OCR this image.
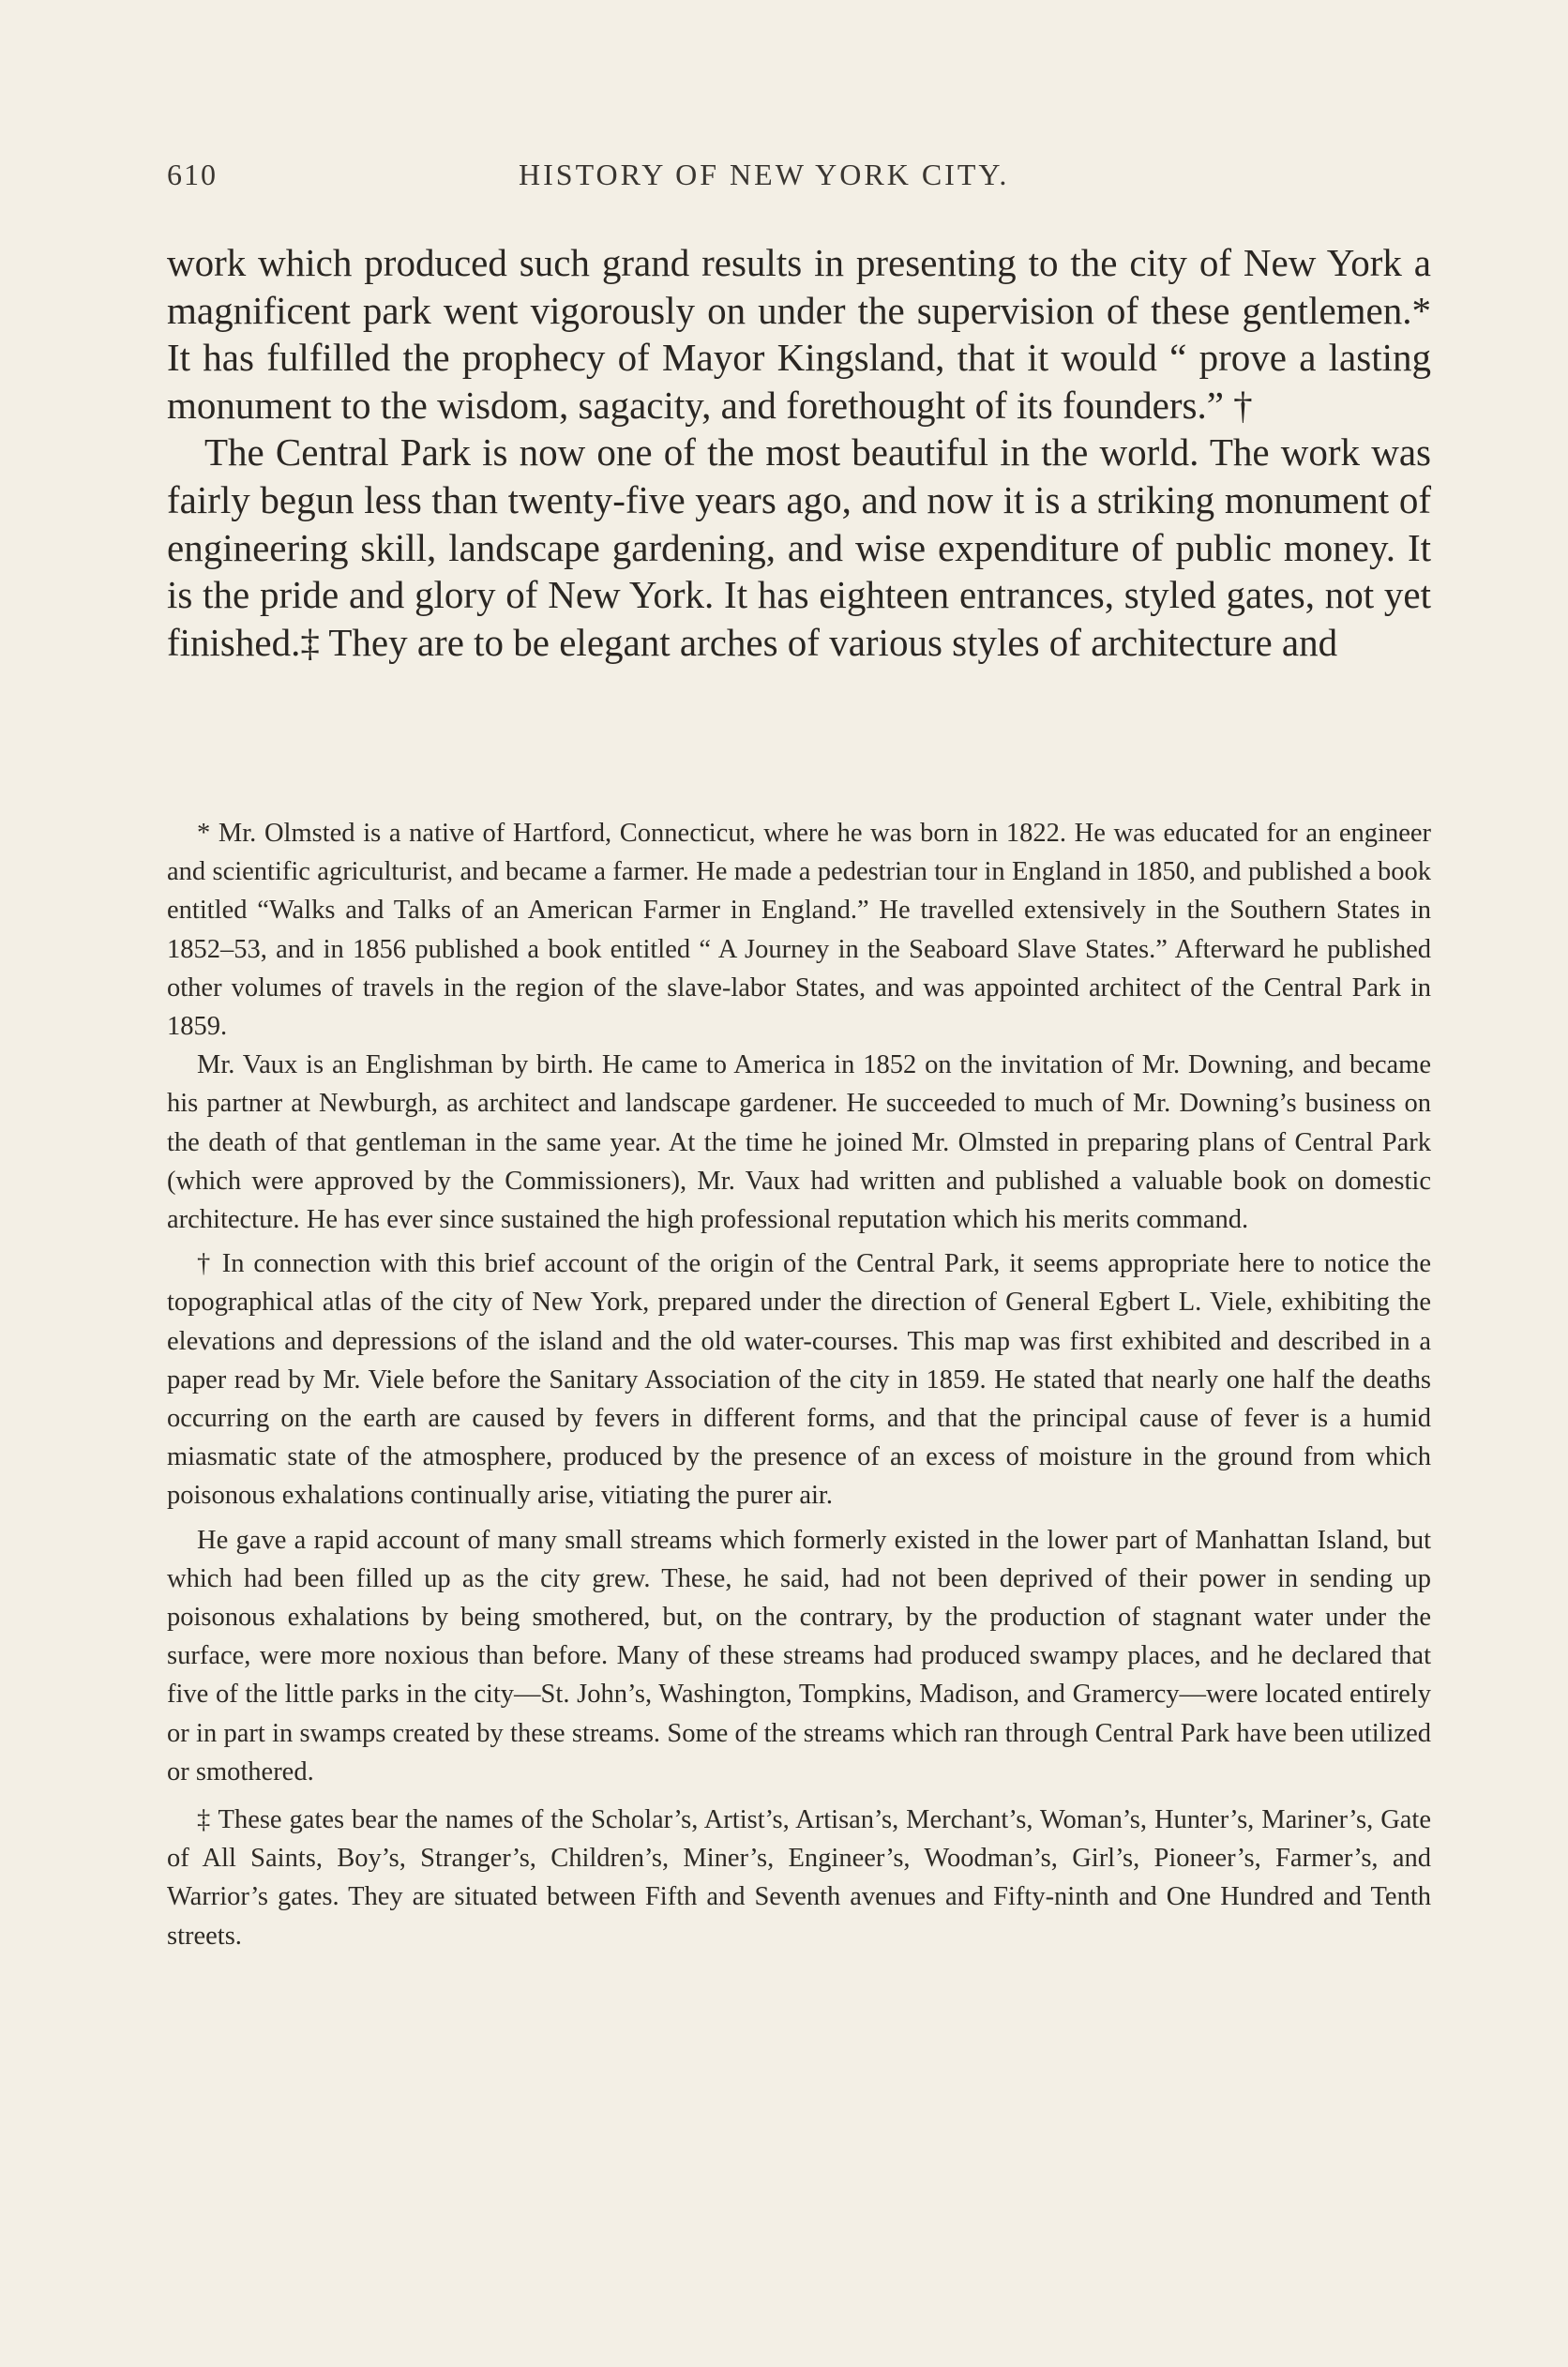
610	HISTORY OF NEW YORK CITY.

work which produced such grand results in presenting to the city of New York a magnificent park went vigorously on under the supervision of these gentlemen.* It has fulfilled the prophecy of Mayor Kingsland, that it would “ prove a lasting monument to the wisdom, sagacity, and forethought of its founders.” †

The Central Park is now one of the most beautiful in the world. The work was fairly begun less than twenty-five years ago, and now it is a striking monument of engineering skill, landscape gardening, and wise expenditure of public money. It is the pride and glory of New York. It has eighteen entrances, styled gates, not yet finished.‡ They are to be elegant arches of various styles of architecture and

* Mr. Olmsted is a native of Hartford, Connecticut, where he was born in 1822. He was educated for an engineer and scientific agriculturist, and became a farmer. He made a pedestrian tour in England in 1850, and published a book entitled “Walks and Talks of an American Farmer in England.” He travelled extensively in the Southern States in 1852–53, and in 1856 published a book entitled “ A Journey in the Seaboard Slave States.” Afterward he published other volumes of travels in the region of the slave-labor States, and was appointed architect of the Central Park in 1859.

Mr. Vaux is an Englishman by birth. He came to America in 1852 on the invitation of Mr. Downing, and became his partner at Newburgh, as architect and landscape gardener. He succeeded to much of Mr. Downing’s business on the death of that gentleman in the same year. At the time he joined Mr. Olmsted in preparing plans of Central Park (which were approved by the Commissioners), Mr. Vaux had written and published a valuable book on domestic architecture. He has ever since sustained the high professional reputation which his merits command.

† In connection with this brief account of the origin of the Central Park, it seems appropriate here to notice the topographical atlas of the city of New York, prepared under the direction of General Egbert L. Viele, exhibiting the elevations and depressions of the island and the old water-courses. This map was first exhibited and described in a paper read by Mr. Viele before the Sanitary Association of the city in 1859. He stated that nearly one half the deaths occurring on the earth are caused by fevers in different forms, and that the principal cause of fever is a humid miasmatic state of the atmosphere, produced by the presence of an excess of moisture in the ground from which poisonous exhalations continually arise, vitiating the purer air.

He gave a rapid account of many small streams which formerly existed in the lower part of Manhattan Island, but which had been filled up as the city grew. These, he said, had not been deprived of their power in sending up poisonous exhalations by being smothered, but, on the contrary, by the production of stagnant water under the surface, were more noxious than before. Many of these streams had produced swampy places, and he declared that five of the little parks in the city—St. John’s, Washington, Tompkins, Madison, and Gramercy—were located entirely or in part in swamps created by these streams. Some of the streams which ran through Central Park have been utilized or smothered.

‡ These gates bear the names of the Scholar’s, Artist’s, Artisan’s, Merchant’s, Woman’s, Hunter’s, Mariner’s, Gate of All Saints, Boy’s, Stranger’s, Children’s, Miner’s, Engineer’s, Woodman’s, Girl’s, Pioneer’s, Farmer’s, and Warrior’s gates. They are situated between Fifth and Seventh avenues and Fifty-ninth and One Hundred and Tenth streets.
